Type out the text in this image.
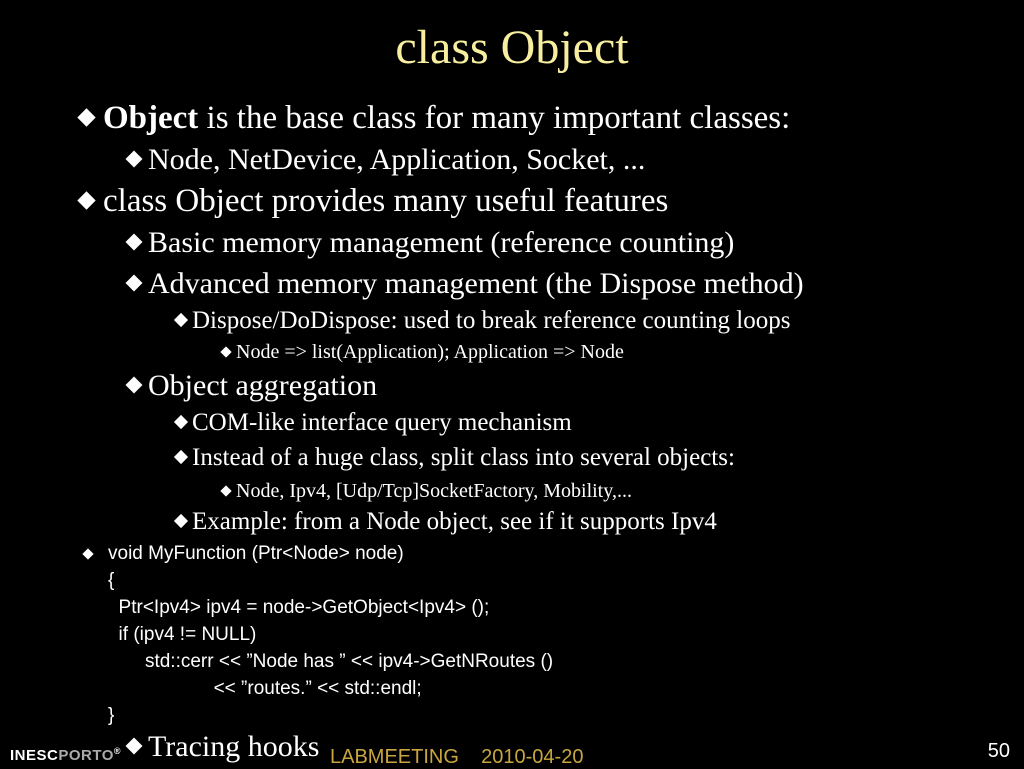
class Object
Object is the base class for many important classes:
Node, NetDevice, Application, Socket, ...
class Object provides many useful features
Basic memory management (reference counting)
Advanced memory management (the Dispose method)
Dispose/DoDispose: used to break reference counting loops
Node => list(Application); Application => Node
Object aggregation
COM-like interface query mechanism
Instead of a huge class, split class into several objects:
Node, Ipv4, [Udp/Tcp]SocketFactory, Mobility,...
Example: from a Node object, see if it supports Ipv4
void MyFunction (Ptr<Node> node)
{
Ptr<Ipv4> ipv4 = node->GetObject<Ipv4> ();
if (ipv4 != NULL)
std::cerr << ”Node has ” << ipv4->GetNRoutes ()
<< ”routes.” << std::endl;
}
Tracing hooks
INESCPORTO®	LABMEETING    2010-04-20	50
